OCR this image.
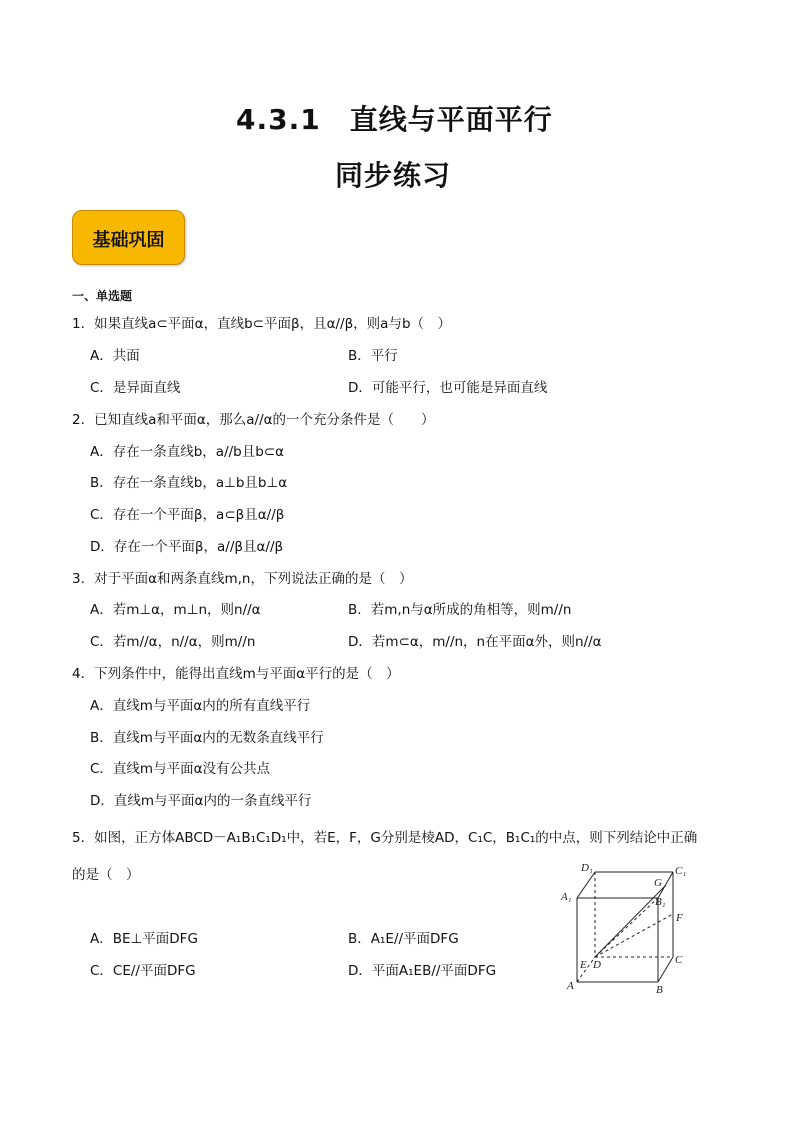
4.3.1　直线与平面平行
同步练习
基础巩固
一、单选题
1．如果直线a⊂平面α，直线b⊂平面β，且α//β，则a与b（　）
A．共面	B．平行
C．是异面直线	D．可能平行，也可能是异面直线
2．已知直线a和平面α，那么a//α的一个充分条件是（　　）
A．存在一条直线b，a//b且b⊂α
B．存在一条直线b，a⊥b且b⊥α
C．存在一个平面β，a⊂β且α//β
D．存在一个平面β，a//β且α//β
3．对于平面α和两条直线m,n，下列说法正确的是（　）
A．若m⊥α，m⊥n，则n//α	B．若m,n与α所成的角相等，则m//n
C．若m//α，n//α，则m//n	D．若m⊂α，m//n，n在平面α外，则n//α
4．下列条件中，能得出直线m与平面α平行的是（　）
A．直线m与平面α内的所有直线平行
B．直线m与平面α内的无数条直线平行
C．直线m与平面α没有公共点
D．直线m与平面α内的一条直线平行
5．如图，正方体ABCD－A₁B₁C₁D₁中，若E，F，G分别是棱AD，C₁C，B₁C₁的中点，则下列结论中正确
的是（　）
A．BE⊥平面DFG	B．A₁E//平面DFG
C．CE//平面DFG	D．平面A₁EB//平面DFG
D₁	C₁
A₁
G
B₁
F
E D	C
A	B
